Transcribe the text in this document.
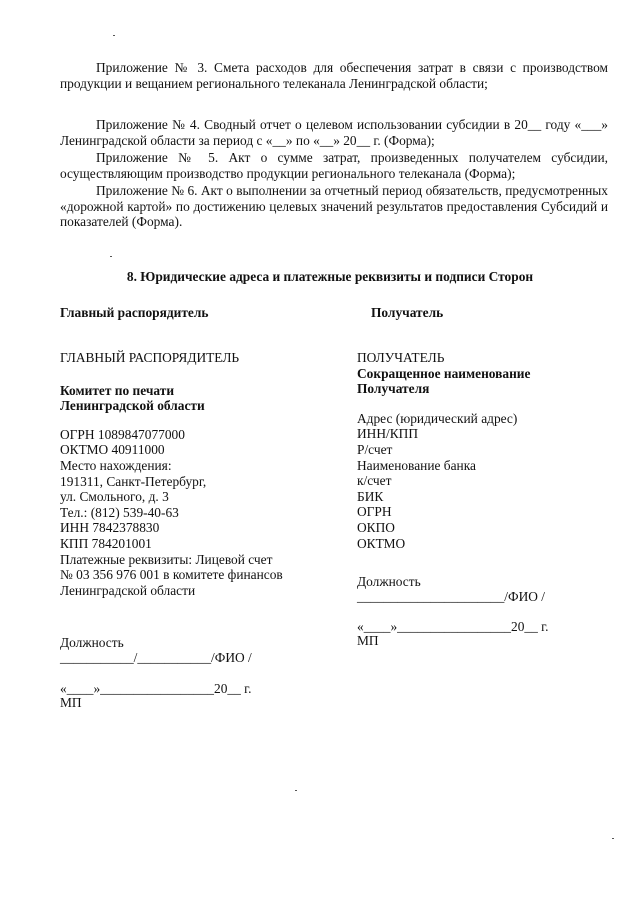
Приложение № 3. Смета расходов для обеспечения затрат в связи с производством продукции и вещанием регионального телеканала Ленинградской области;

Приложение № 4. Сводный отчет о целевом использовании субсидии в 20__ году «___» Ленинградской области за период с «__» по «__» 20__ г. (Форма);

Приложение № 5. Акт о сумме затрат, произведенных получателем субсидии, осуществляющим производство продукции регионального телеканала (Форма);

Приложение № 6. Акт о выполнении за отчетный период обязательств, предусмотренных «дорожной картой» по достижению целевых значений результатов предоставления Субсидий и показателей (Форма).

8. Юридические адреса и платежные реквизиты и подписи Сторон

Главный распорядитель	Получатель
ГЛАВНЫЙ РАСПОРЯДИТЕЛЬ
Комитет по печати
Ленинградской области
ОГРН 1089847077000
ОКТМО 40911000
Место нахождения:
191311, Санкт-Петербург,
ул. Смольного, д. 3
Тел.: (812) 539-40-63
ИНН 7842378830
КПП 784201001
Платежные реквизиты: Лицевой счет
№ 03 356 976 001 в комитете финансов
Ленинградской области
Должность
___________/___________/ФИО /
«____»_________________20__ г.
МП
ПОЛУЧАТЕЛЬ
Сокращенное наименование
Получателя
Адрес (юридический адрес)
ИНН/КПП
Р/счет
Наименование банка
к/счет
БИК
ОГРН
ОКПО
ОКТМО
Должность
______________________/ФИО /
«____»_________________20__ г.
МП
